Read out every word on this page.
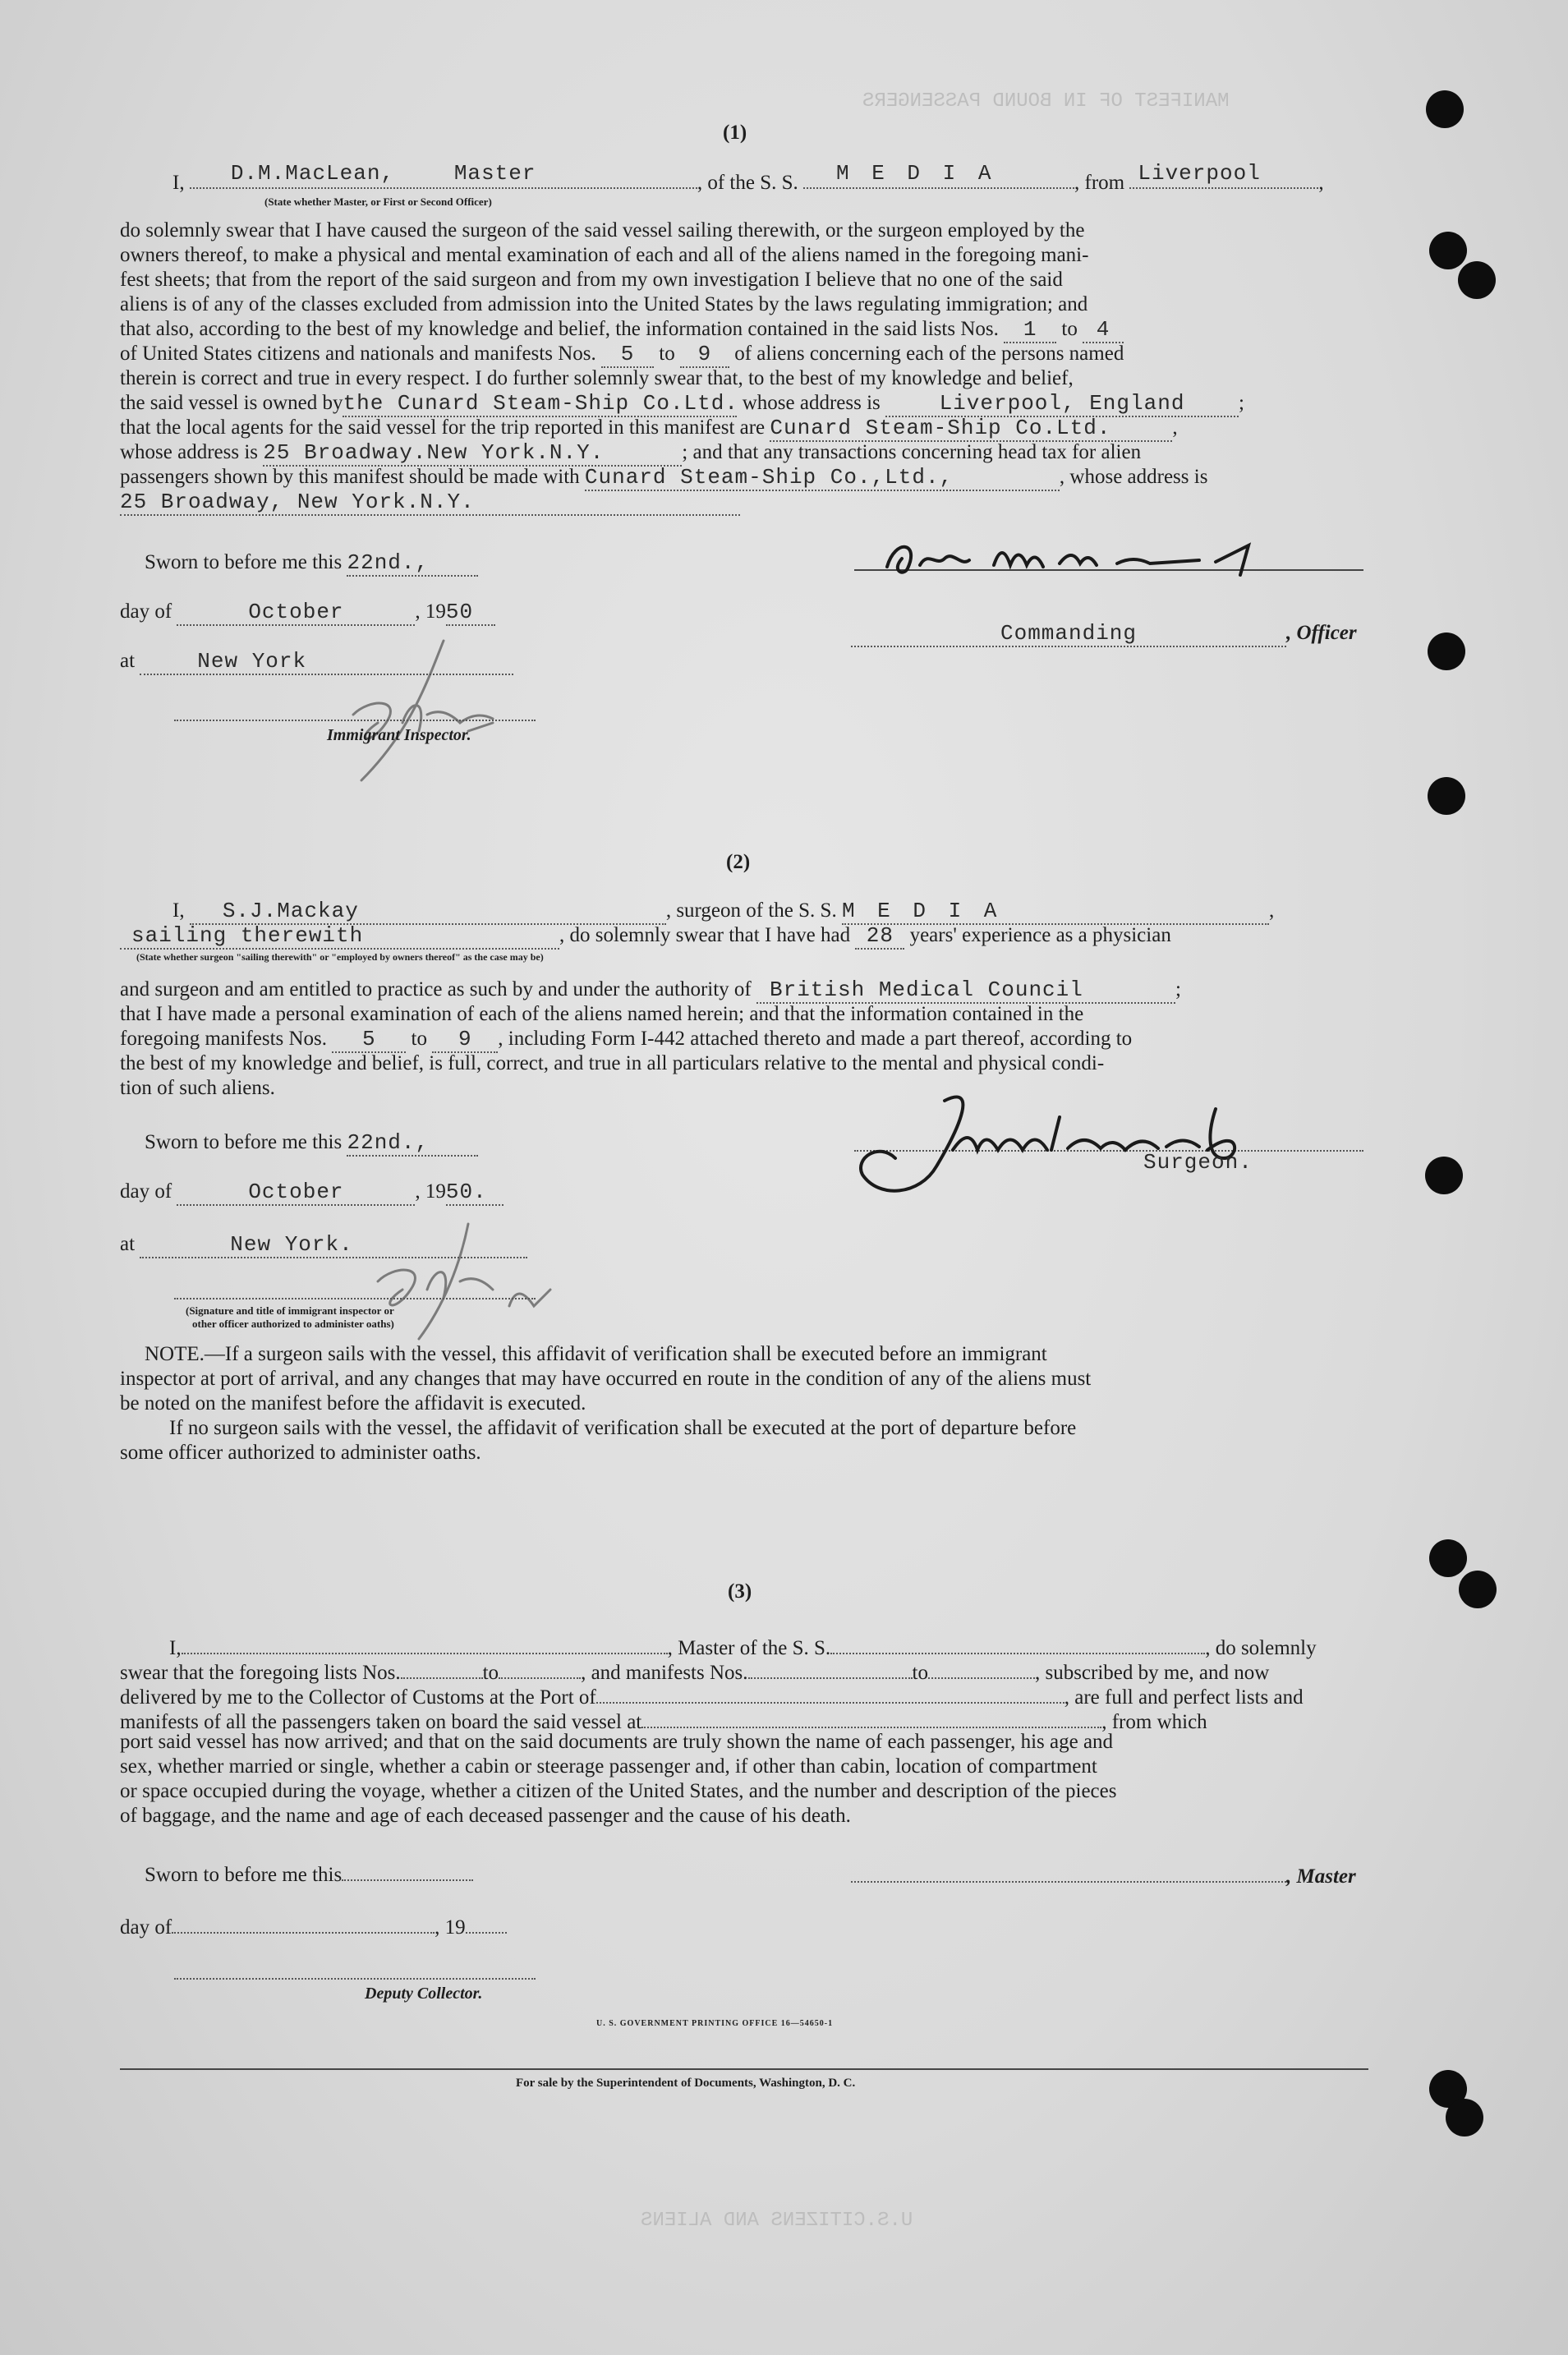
MANIFEST OF IN BOUND PASSENGERS
U.S.CITIZENS AND ALIENS
(1)
I, D.M.MacLean,	Master	, of the S. S. M E D I A	, from Liverpool	,
(State whether Master, or First or Second Officer)
do solemnly swear that I have caused the surgeon of the said vessel sailing therewith, or the surgeon employed by the
owners thereof, to make a physical and mental examination of each and all of the aliens named in the foregoing mani-
fest sheets; that from the report of the said surgeon and from my own investigation I believe that no one of the said
aliens is of any of the classes excluded from admission into the United States by the laws regulating immigration; and
that also, according to the best of my knowledge and belief, the information contained in the said lists Nos. 1 to 4
of United States citizens and nationals and manifests Nos. 5 to 9 of aliens concerning each of the persons named
therein is correct and true in every respect. I do further solemnly swear that, to the best of my knowledge and belief,
the said vessel is owned bythe Cunard Steam-Ship Co.Ltd. whose address is	Liverpool, England	;
that the local agents for the said vessel for the trip reported in this manifest are Cunard Steam-Ship Co.Ltd.	,
whose address is 25 Broadway.New York.N.Y.	; and that any transactions concerning head tax for alien
passengers shown by this manifest should be made with Cunard Steam-Ship Co.,Ltd.,	, whose address is
25 Broadway, New York.N.Y.
Sworn to before me this 22nd.,
day of	October	, 1950
Commanding	, Officer
at	New York
Immigrant Inspector.
(2)
I, S.J.Mackay	, surgeon of the S. S. M E D I A	,
sailing therewith	, do solemnly swear that I have had 28 years' experience as a physician
(State whether surgeon "sailing therewith" or "employed by owners thereof" as the case may be)
and surgeon and am entitled to practice as such by and under the authority of British Medical Council	;
that I have made a personal examination of each of the aliens named herein; and that the information contained in the
foregoing manifests Nos. 5 to 9 , including Form I-442 attached thereto and made a part thereof, according to
the best of my knowledge and belief, is full, correct, and true in all particulars relative to the mental and physical condi-
tion of such aliens.
Sworn to before me this 22nd.,
Surgeon.
day of	October	, 1950.
at	New York.
(Signature and title of immigrant inspector or
other officer authorized to administer oaths)
NOTE.—If a surgeon sails with the vessel, this affidavit of verification shall be executed before an immigrant
inspector at port of arrival, and any changes that may have occurred en route in the condition of any of the aliens must
be noted on the manifest before the affidavit is executed.
If no surgeon sails with the vessel, the affidavit of verification shall be executed at the port of departure before
some officer authorized to administer oaths.
(3)
I,	, Master of the S. S.	, do solemnly
swear that the foregoing lists Nos.	to	, and manifests Nos.	to	, subscribed by me, and now
delivered by me to the Collector of Customs at the Port of	, are full and perfect lists and
manifests of all the passengers taken on board the said vessel at	, from which
port said vessel has now arrived; and that on the said documents are truly shown the name of each passenger, his age and
sex, whether married or single, whether a cabin or steerage passenger and, if other than cabin, location of compartment
or space occupied during the voyage, whether a citizen of the United States, and the number and description of the pieces
of baggage, and the name and age of each deceased passenger and the cause of his death.
Sworn to before me this	, Master
day of	, 19
Deputy Collector.
U. S. GOVERNMENT PRINTING OFFICE 16—54650-1
For sale by the Superintendent of Documents, Washington, D. C.
